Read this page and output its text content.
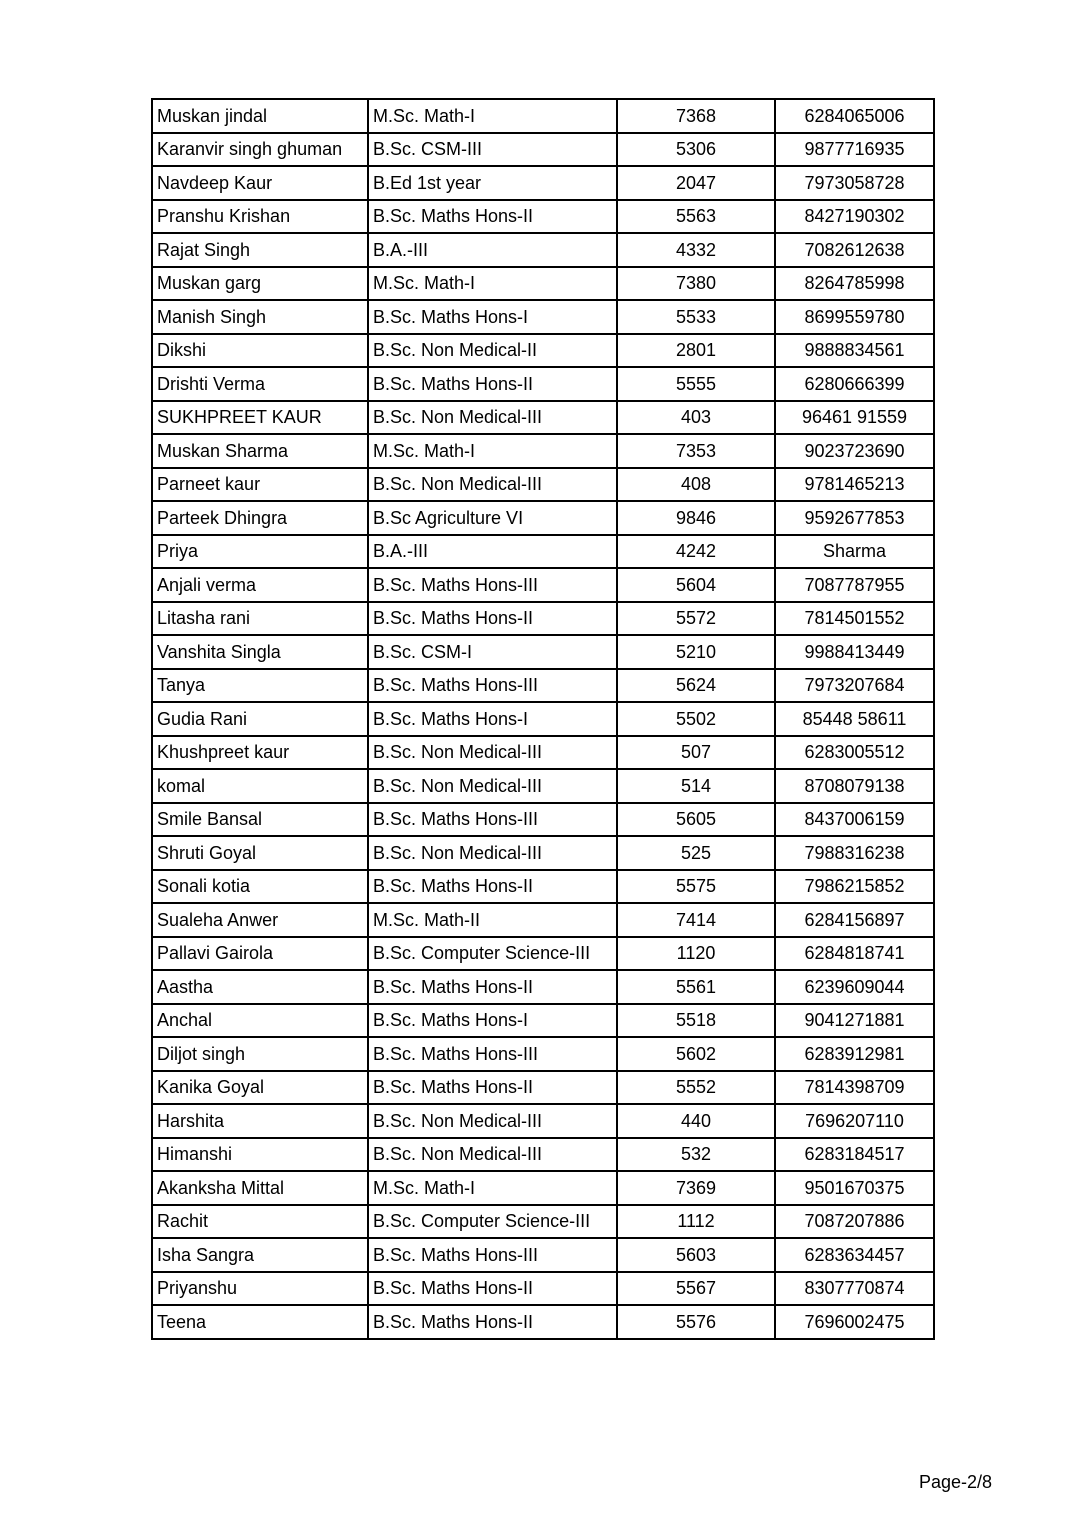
Muskan jindal	M.Sc. Math-I	7368	6284065006
Karanvir singh ghuman	B.Sc. CSM-III	5306	9877716935
Navdeep Kaur	B.Ed 1st year	2047	7973058728
Pranshu Krishan	B.Sc. Maths Hons-II	5563	8427190302
Rajat Singh	B.A.-III	4332	7082612638
Muskan garg	M.Sc. Math-I	7380	8264785998
Manish Singh	B.Sc. Maths Hons-I	5533	8699559780
Dikshi	B.Sc. Non Medical-II	2801	9888834561
Drishti Verma	B.Sc. Maths Hons-II	5555	6280666399
SUKHPREET KAUR	B.Sc. Non Medical-III	403	96461 91559
Muskan Sharma	M.Sc. Math-I	7353	9023723690
Parneet kaur	B.Sc. Non Medical-III	408	9781465213
Parteek Dhingra	B.Sc Agriculture VI	9846	9592677853
Priya	B.A.-III	4242	Sharma
Anjali verma	B.Sc. Maths Hons-III	5604	7087787955
Litasha rani	B.Sc. Maths Hons-II	5572	7814501552
Vanshita Singla	B.Sc. CSM-I	5210	9988413449
Tanya	B.Sc. Maths Hons-III	5624	7973207684
Gudia Rani	B.Sc. Maths Hons-I	5502	85448 58611
Khushpreet kaur	B.Sc. Non Medical-III	507	6283005512
komal	B.Sc. Non Medical-III	514	8708079138
Smile Bansal	B.Sc. Maths Hons-III	5605	8437006159
Shruti Goyal	B.Sc. Non Medical-III	525	7988316238
Sonali kotia	B.Sc. Maths Hons-II	5575	7986215852
Sualeha Anwer	M.Sc. Math-II	7414	6284156897
Pallavi Gairola	B.Sc. Computer Science-III	1120	6284818741
Aastha	B.Sc. Maths Hons-II	5561	6239609044
Anchal	B.Sc. Maths Hons-I	5518	9041271881
Diljot singh	B.Sc. Maths Hons-III	5602	6283912981
Kanika Goyal	B.Sc. Maths Hons-II	5552	7814398709
Harshita	B.Sc. Non Medical-III	440	7696207110
Himanshi	B.Sc. Non Medical-III	532	6283184517
Akanksha Mittal	M.Sc. Math-I	7369	9501670375
Rachit	B.Sc. Computer Science-III	1112	7087207886
Isha Sangra	B.Sc. Maths Hons-III	5603	6283634457
Priyanshu	B.Sc. Maths Hons-II	5567	8307770874
Teena	B.Sc. Maths Hons-II	5576	7696002475
Page-2/8
